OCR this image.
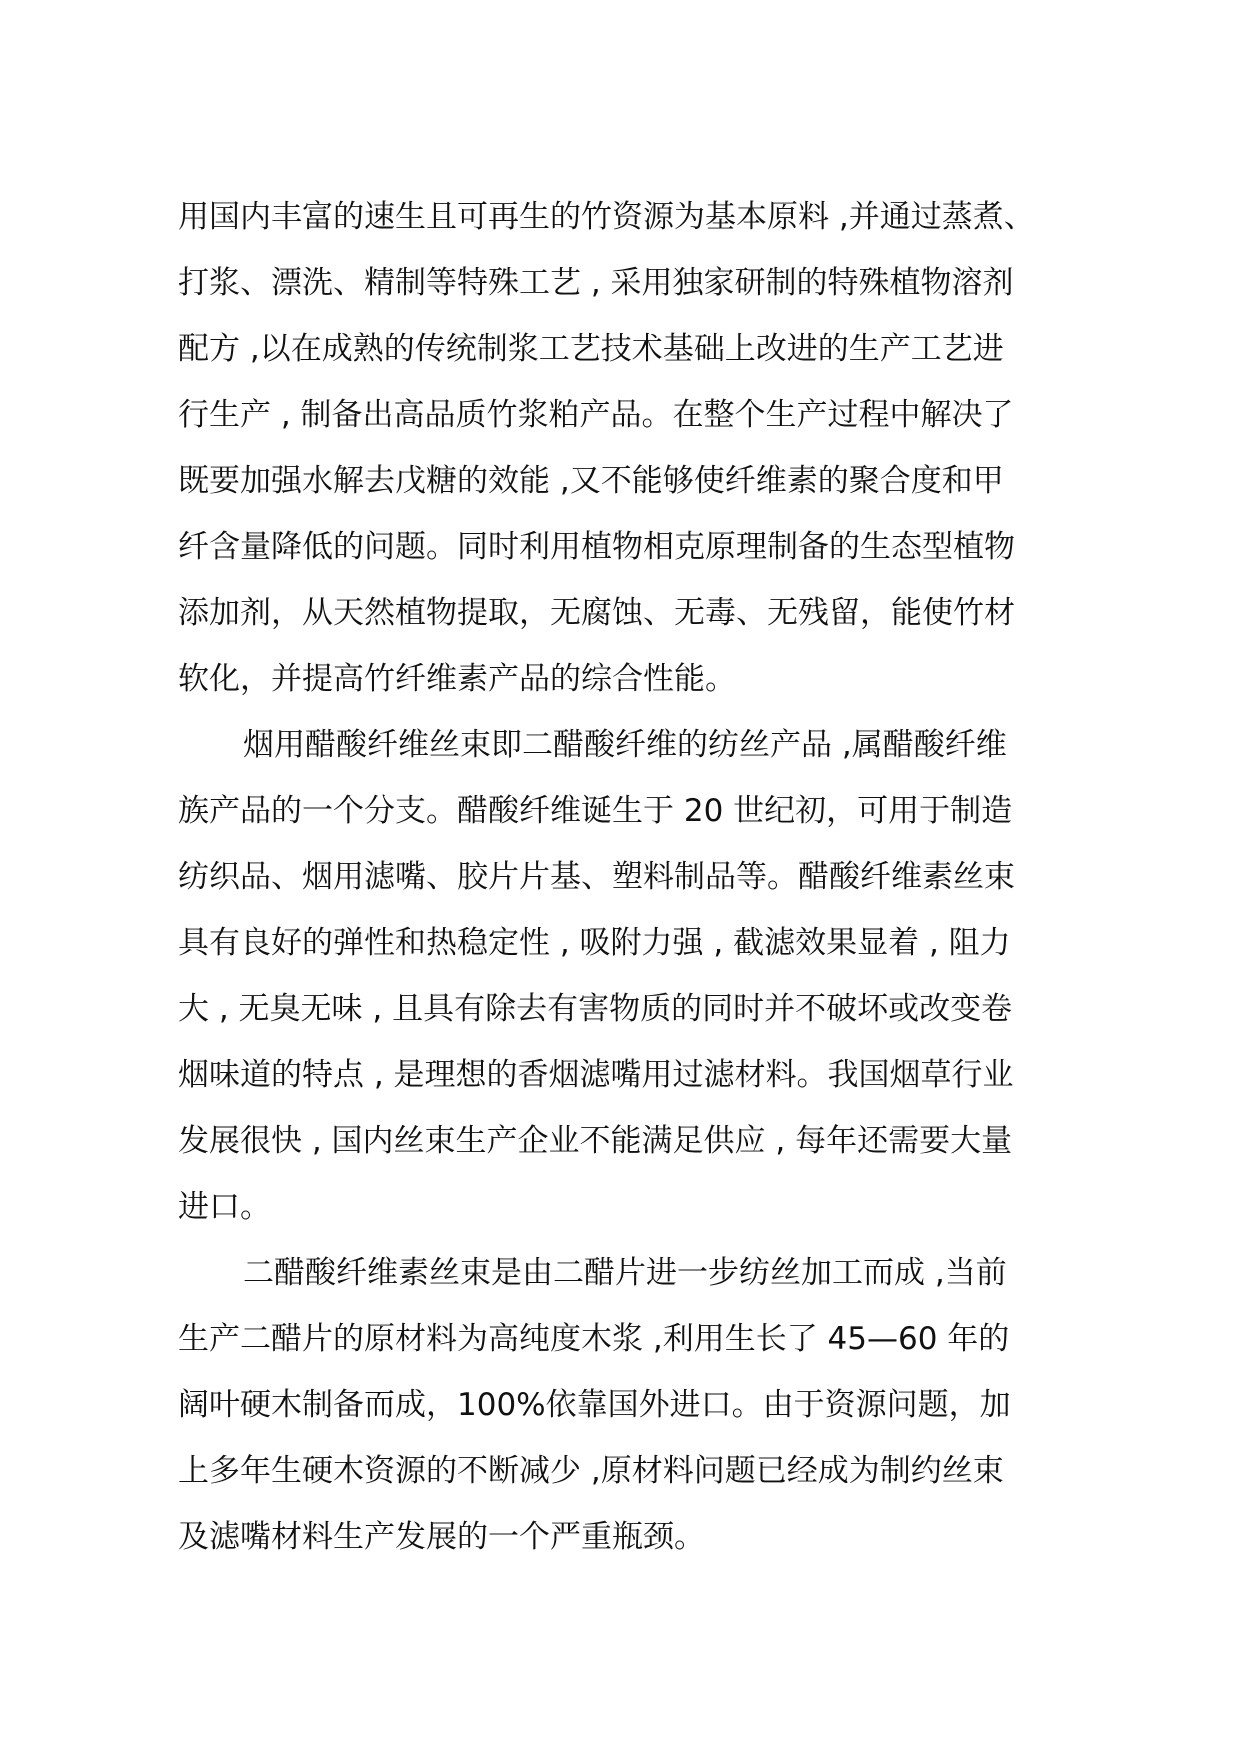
用国内丰富的速生且可再生的竹资源为基本原料 ,并通过蒸煮、
打浆、漂洗、精制等特殊工艺 , 采用独家研制的特殊植物溶剂
配方 ,以在成熟的传统制浆工艺技术基础上改进的生产工艺进
行生产 , 制备出高品质竹浆粕产品。在整个生产过程中解决了
既要加强水解去戊糖的效能 ,又不能够使纤维素的聚合度和甲
纤含量降低的问题。同时利用植物相克原理制备的生态型植物
添加剂，从天然植物提取，无腐蚀、无毒、无残留，能使竹材
软化，并提高竹纤维素产品的综合性能。
烟用醋酸纤维丝束即二醋酸纤维的纺丝产品 ,属醋酸纤维
族产品的一个分支。醋酸纤维诞生于 20 世纪初，可用于制造
纺织品、烟用滤嘴、胶片片基、塑料制品等。醋酸纤维素丝束
具有良好的弹性和热稳定性 , 吸附力强 , 截滤效果显着 , 阻力
大 , 无臭无味 , 且具有除去有害物质的同时并不破坏或改变卷
烟味道的特点 , 是理想的香烟滤嘴用过滤材料。我国烟草行业
发展很快 , 国内丝束生产企业不能满足供应 , 每年还需要大量
进口。
二醋酸纤维素丝束是由二醋片进一步纺丝加工而成 ,当前
生产二醋片的原材料为高纯度木浆 ,利用生长了 45—60 年的
阔叶硬木制备而成，100%依靠国外进口。由于资源问题，加
上多年生硬木资源的不断减少 ,原材料问题已经成为制约丝束
及滤嘴材料生产发展的一个严重瓶颈。
